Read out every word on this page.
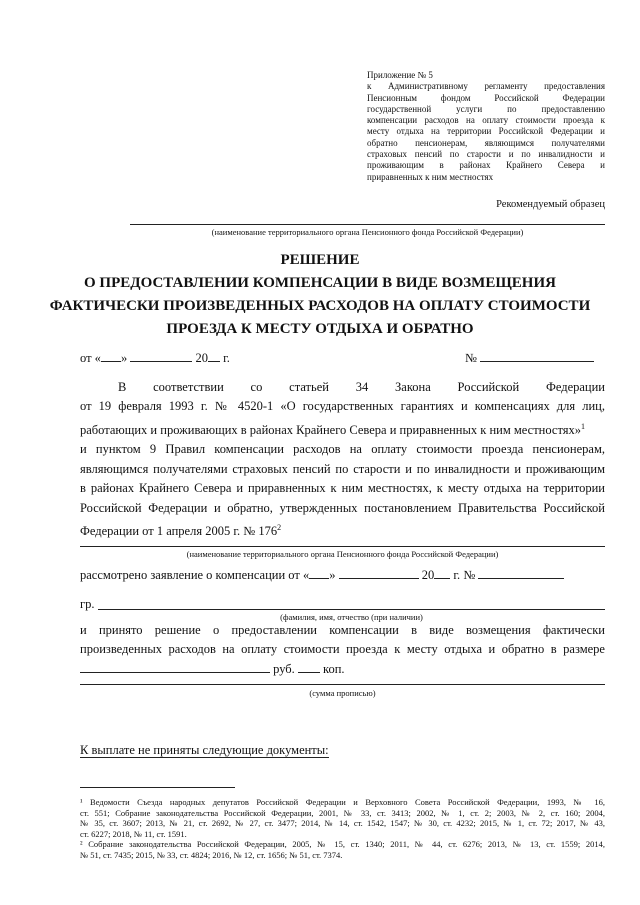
Приложение № 5
к Административному регламенту предоставления
Пенсионным фондом Российской Федерации
государственной услуги по предоставлению
компенсации расходов на оплату стоимости проезда к
месту отдыха на территории Российской Федерации и
обратно пенсионерам, являющимся получателями
страховых пенсий по старости и по инвалидности и
проживающим в районах Крайнего Севера и
приравненных к ним местностях
Рекомендуемый образец
(наименование территориального органа Пенсионного фонда Российской Федерации)
РЕШЕНИЕ
О ПРЕДОСТАВЛЕНИИ КОМПЕНСАЦИИ В ВИДЕ ВОЗМЕЩЕНИЯ
ФАКТИЧЕСКИ ПРОИЗВЕДЕННЫХ РАСХОДОВ НА ОПЛАТУ СТОИМОСТИ
ПРОЕЗДА К МЕСТУ ОТДЫХА И ОБРАТНО
от « »	20 г.	№
В соответствии со статьей 34 Закона Российской Федерации
от 19 февраля 1993 г. № 4520-1 «О государственных гарантиях и компенсациях для лиц,
работающих и проживающих в районах Крайнего Севера и приравненных к ним местностях»$^1$
и пунктом 9 Правил компенсации расходов на оплату стоимости проезда пенсионерам,
являющимся получателями страховых пенсий по старости и по инвалидности и проживающим
в районах Крайнего Севера и приравненных к ним местностях, к месту отдыха на территории
Российской Федерации и обратно, утвержденных постановлением Правительства Российской
Федерации от 1 апреля 2005 г. № $176^2$
(наименование территориального органа Пенсионного фонда Российской Федерации)
рассмотрено заявление о компенсации от « »	20 г. №
гр.
(фамилия, имя, отчество (при наличии)
и принято решение о предоставлении компенсации в виде возмещения фактически
произведенных расходов на оплату стоимости проезда к месту отдыха и обратно в размере
руб. коп.
(сумма прописью)
К выплате не приняты следующие документы:
¹ Ведомости Съезда народных депутатов Российской Федерации и Верховного Совета Российской Федерации, 1993, № 16,
ст. 551; Собрание законодательства Российской Федерации, 2001, № 33, ст. 3413; 2002, № 1, ст. 2; 2003, № 2, ст. 160; 2004,
№ 35, ст. 3607; 2013, № 21, ст. 2692, № 27, ст. 3477; 2014, № 14, ст. 1542, 1547; № 30, ст. 4232; 2015, № 1, ст. 72; 2017, № 43,
ст. 6227; 2018, № 11, ст. 1591.
² Собрание законодательства Российской Федерации, 2005, № 15, ст. 1340; 2011, № 44, ст. 6276; 2013, № 13, ст. 1559; 2014,
№ 51, ст. 7435; 2015, № 33, ст. 4824; 2016, № 12, ст. 1656; № 51, ст. 7374.
